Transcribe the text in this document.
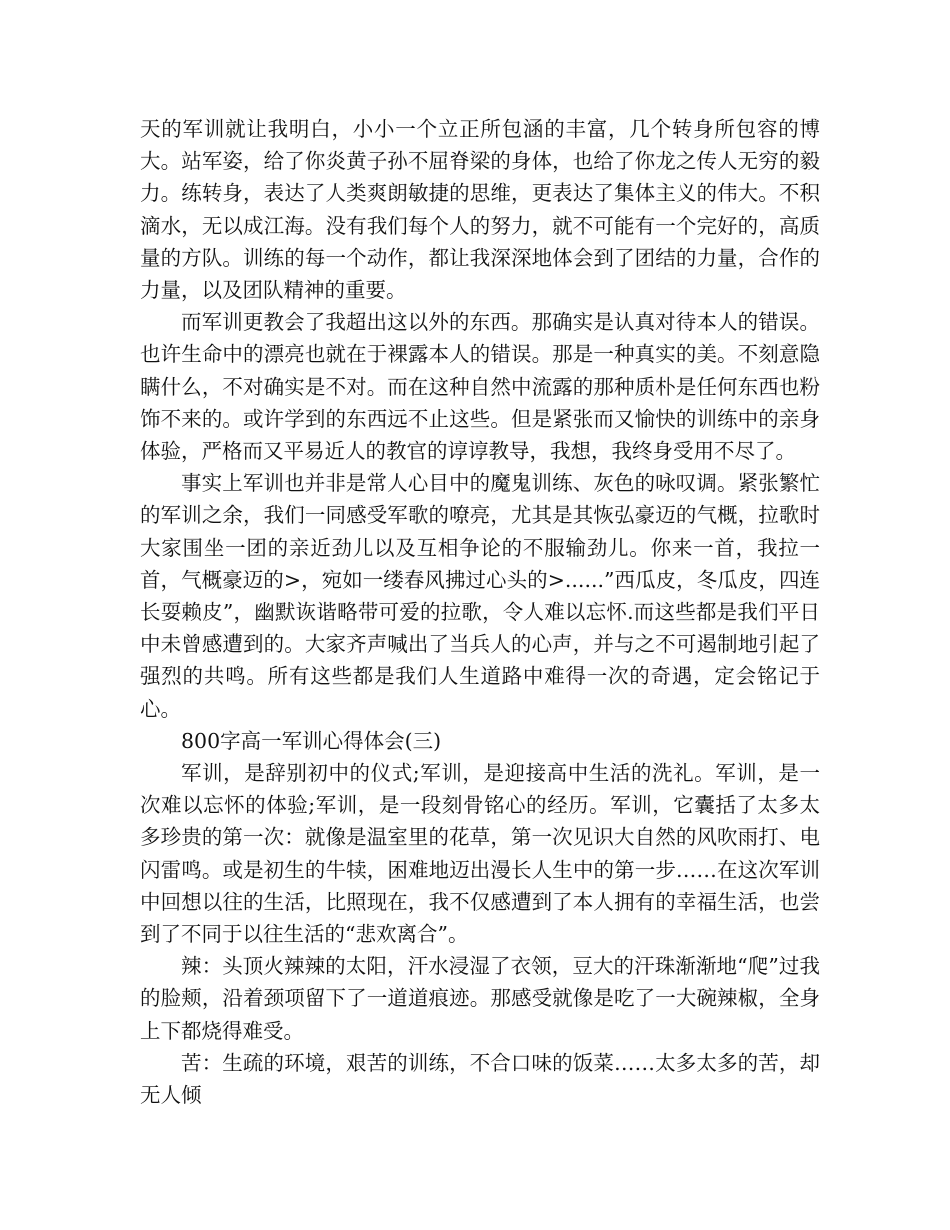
天的军训就让我明白，小小一个立正所包涵的丰富，几个转身所包容的博大。站军姿，给了你炎黄子孙不屈脊梁的身体，也给了你龙之传人无穷的毅力。练转身，表达了人类爽朗敏捷的思维，更表达了集体主义的伟大。不积滴水，无以成江海。没有我们每个人的努力，就不可能有一个完好的，高质量的方队。训练的每一个动作，都让我深深地体会到了团结的力量，合作的力量，以及团队精神的重要。

而军训更教会了我超出这以外的东西。那确实是认真对待本人的错误。也许生命中的漂亮也就在于裸露本人的错误。那是一种真实的美。不刻意隐瞒什么，不对确实是不对。而在这种自然中流露的那种质朴是任何东西也粉饰不来的。或许学到的东西远不止这些。但是紧张而又愉快的训练中的亲身体验，严格而又平易近人的教官的谆谆教导，我想，我终身受用不尽了。

事实上军训也并非是常人心目中的魔鬼训练、灰色的咏叹调。紧张繁忙的军训之余，我们一同感受军歌的嘹亮，尤其是其恢弘豪迈的气概，拉歌时大家围坐一团的亲近劲儿以及互相争论的不服输劲儿。你来一首，我拉一首，气概豪迈的>，宛如一缕春风拂过心头的>......”西瓜皮，冬瓜皮，四连长耍赖皮”，幽默诙谐略带可爱的拉歌，令人难以忘怀.而这些都是我们平日中未曾感遭到的。大家齐声喊出了当兵人的心声，并与之不可遏制地引起了强烈的共鸣。所有这些都是我们人生道路中难得一次的奇遇，定会铭记于心。

800字高一军训心得体会(三)

军训，是辞别初中的仪式;军训，是迎接高中生活的洗礼。军训，是一次难以忘怀的体验;军训，是一段刻骨铭心的经历。军训，它囊括了太多太多珍贵的第一次：就像是温室里的花草，第一次见识大自然的风吹雨打、电闪雷鸣。或是初生的牛犊，困难地迈出漫长人生中的第一步……在这次军训中回想以往的生活，比照现在，我不仅感遭到了本人拥有的幸福生活，也尝到了不同于以往生活的“悲欢离合”。

辣：头顶火辣辣的太阳，汗水浸湿了衣领，豆大的汗珠渐渐地“爬”过我的脸颊，沿着颈项留下了一道道痕迹。那感受就像是吃了一大碗辣椒，全身上下都烧得难受。

苦：生疏的环境，艰苦的训练，不合口味的饭菜……太多太多的苦，却无人倾
